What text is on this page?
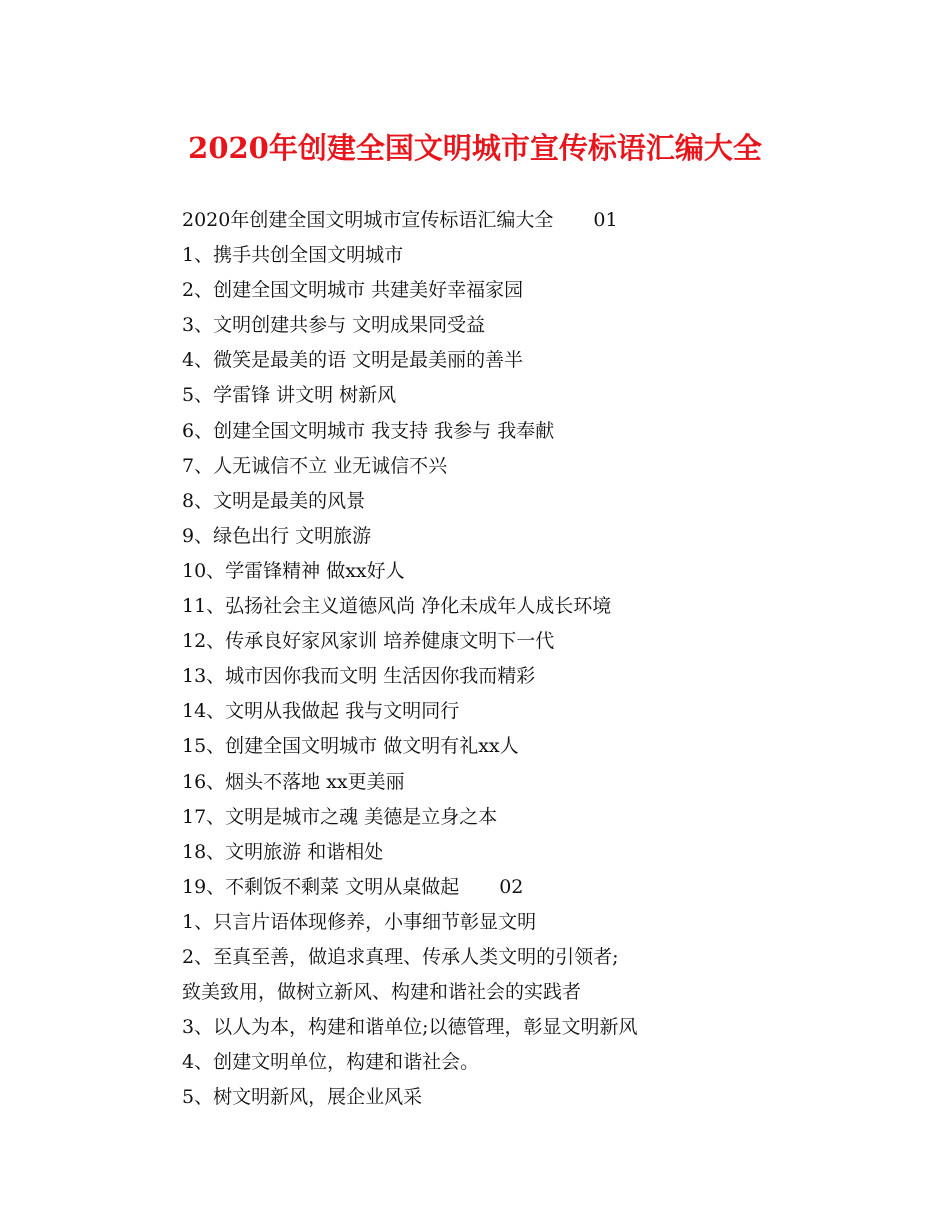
2020年创建全国文明城市宣传标语汇编大全
2020年创建全国文明城市宣传标语汇编大全 01
1、携手共创全国文明城市
2、创建全国文明城市 共建美好幸福家园
3、文明创建共参与 文明成果同受益
4、微笑是最美的语 文明是最美丽的善半
5、学雷锋 讲文明 树新风
6、创建全国文明城市 我支持 我参与 我奉献
7、人无诚信不立 业无诚信不兴
8、文明是最美的风景
9、绿色出行 文明旅游
10、学雷锋精神 做xx好人
11、弘扬社会主义道德风尚 净化未成年人成长环境
12、传承良好家风家训 培养健康文明下一代
13、城市因你我而文明 生活因你我而精彩
14、文明从我做起 我与文明同行
15、创建全国文明城市 做文明有礼xx人
16、烟头不落地 xx更美丽
17、文明是城市之魂 美德是立身之本
18、文明旅游 和谐相处
19、不剩饭不剩菜 文明从桌做起 02
1、只言片语体现修养，小事细节彰显文明
2、至真至善，做追求真理、传承人类文明的引领者;
致美致用，做树立新风、构建和谐社会的实践者
3、以人为本，构建和谐单位;以德管理，彰显文明新风
4、创建文明单位，构建和谐社会。
5、树文明新风，展企业风采
